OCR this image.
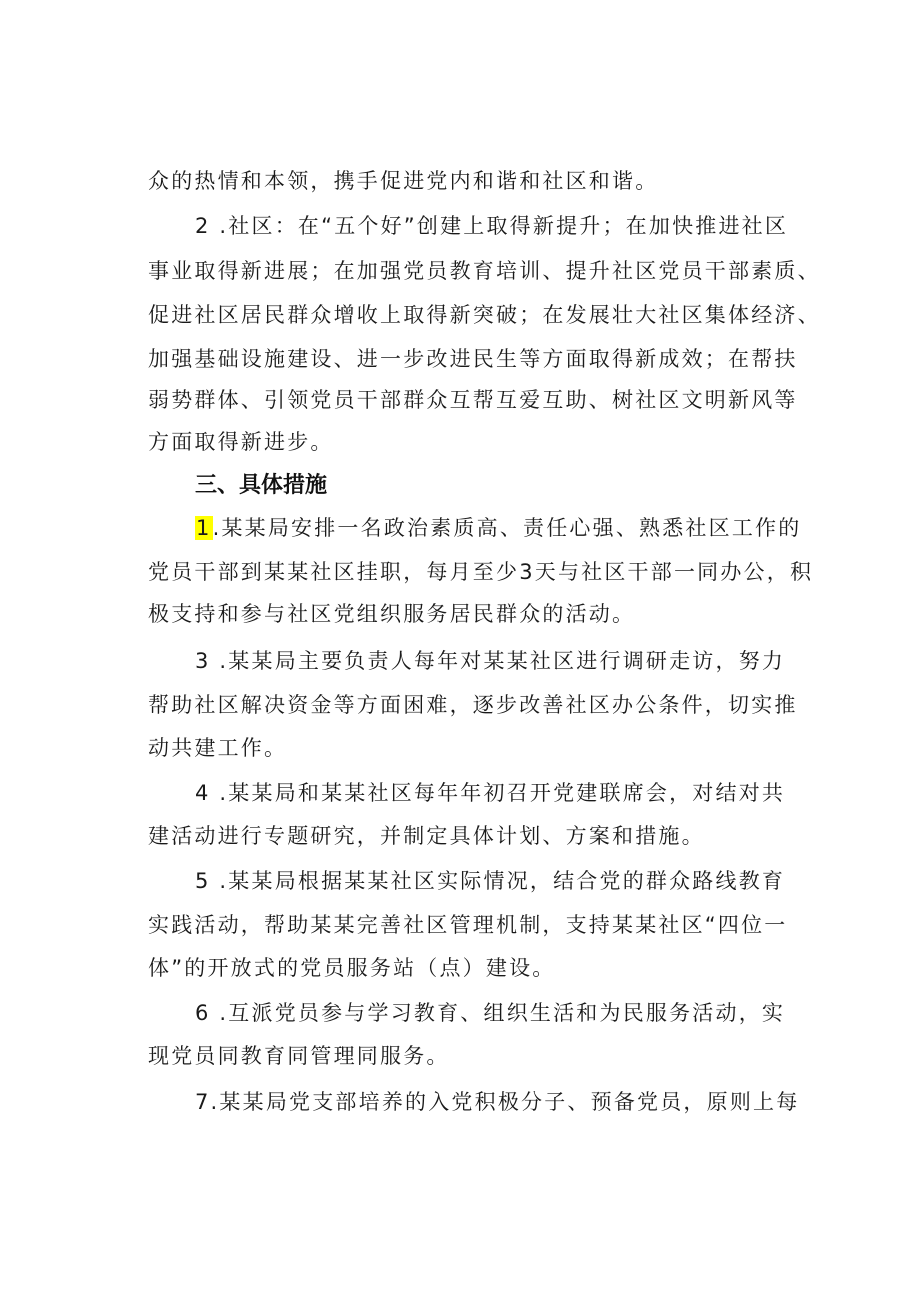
众的热情和本领，携手促进党内和谐和社区和谐。
2 .社区：在“五个好”创建上取得新提升；在加快推进社区
事业取得新进展；在加强党员教育培训、提升社区党员干部素质、
促进社区居民群众增收上取得新突破；在发展壮大社区集体经济、
加强基础设施建设、进一步改进民生等方面取得新成效；在帮扶
弱势群体、引领党员干部群众互帮互爱互助、树社区文明新风等
方面取得新进步。
三、具体措施
1.某某局安排一名政治素质高、责任心强、熟悉社区工作的
党员干部到某某社区挂职，每月至少3天与社区干部一同办公，积
极支持和参与社区党组织服务居民群众的活动。
3 .某某局主要负责人每年对某某社区进行调研走访，努力
帮助社区解决资金等方面困难，逐步改善社区办公条件，切实推
动共建工作。
4 .某某局和某某社区每年年初召开党建联席会，对结对共
建活动进行专题研究，并制定具体计划、方案和措施。
5 .某某局根据某某社区实际情况，结合党的群众路线教育
实践活动，帮助某某完善社区管理机制，支持某某社区“四位一
体”的开放式的党员服务站（点）建设。
6 .互派党员参与学习教育、组织生活和为民服务活动，实
现党员同教育同管理同服务。
7.某某局党支部培养的入党积极分子、预备党员，原则上每
